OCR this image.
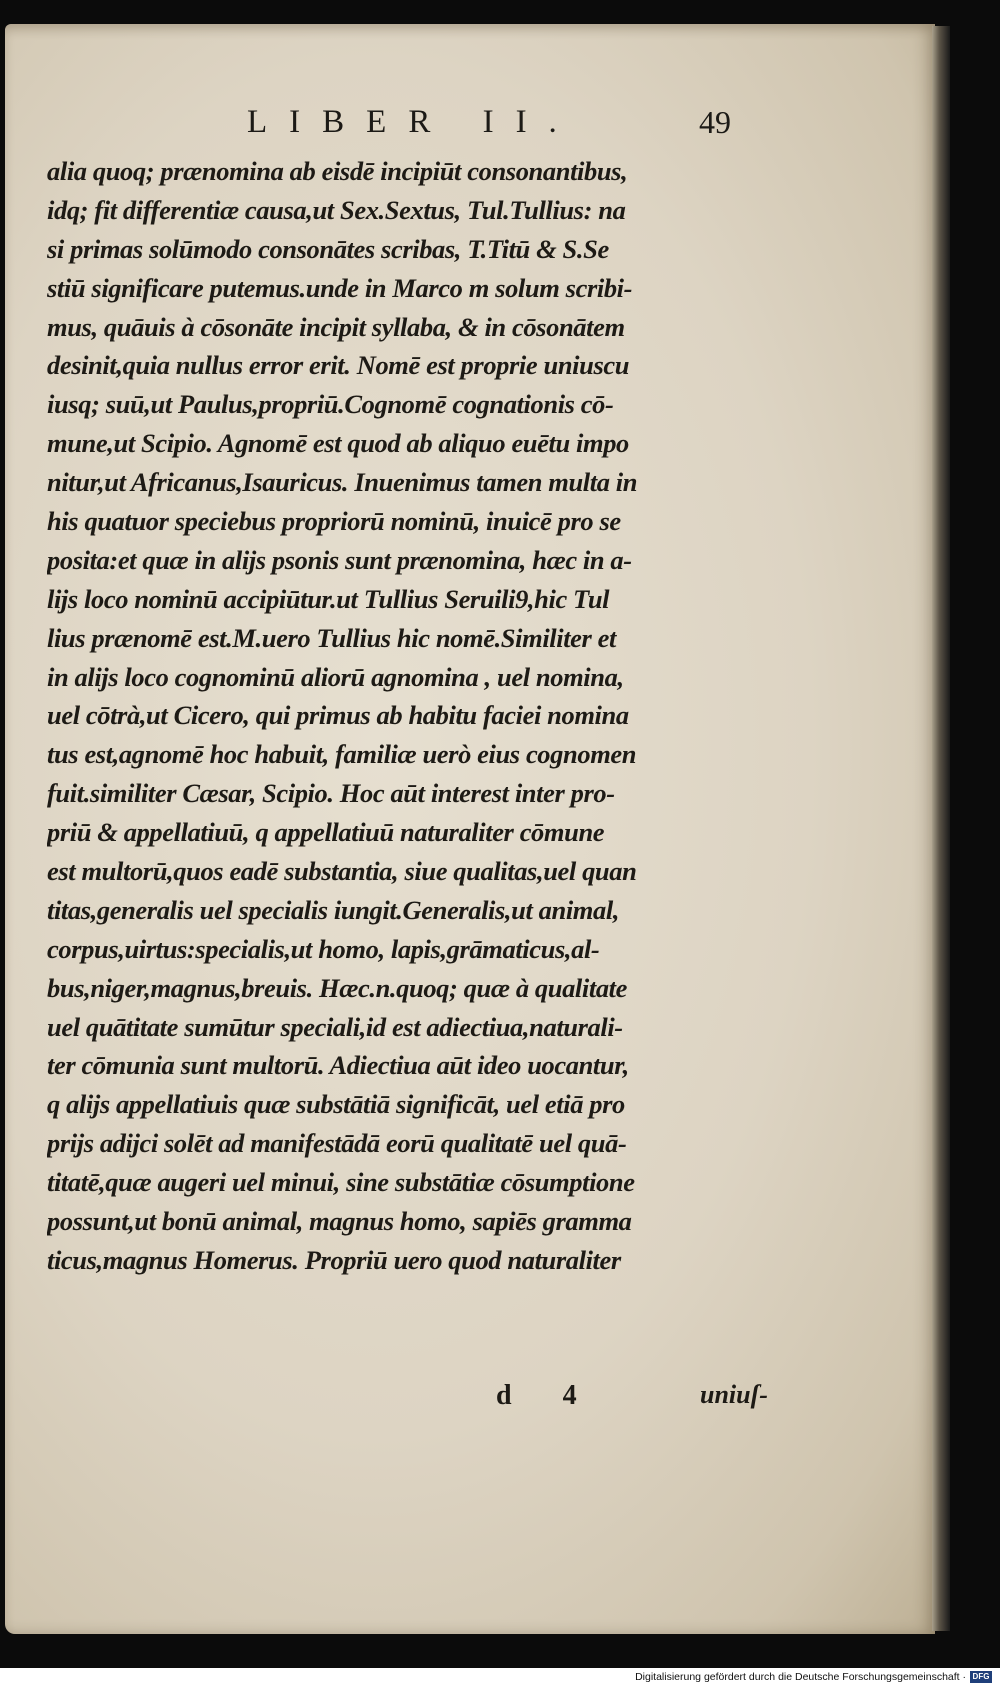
LIBER II.	49
alia quoq; prænomina ab eisdē incipiūt consonantibus,
idq; fit differentiæ causa,ut Sex.Sextus, Tul.Tullius: na
si primas solūmodo consonātes scribas, T.Titū & S.Se
stiū significare putemus.unde in Marco m solum scribi-
mus, quāuis à cōsonāte incipit syllaba, & in cōsonātem
desinit,quia nullus error erit. Nomē est proprie uniuscu
iusq; suū,ut Paulus,propriū.Cognomē cognationis cō-
mune,ut Scipio. Agnomē est quod ab aliquo euētu impo
nitur,ut Africanus,Isauricus. Inuenimus tamen multa in
his quatuor speciebus propriorū nominū, inuicē pro se
posita:et quæ in alijs psonis sunt prænomina, hæc in a-
lijs loco nominū accipiūtur.ut Tullius Seruili9,hic Tul
lius prænomē est.M.uero Tullius hic nomē.Similiter et
in alijs loco cognominū aliorū agnomina , uel nomina,
uel cōtrà,ut Cicero, qui primus ab habitu faciei nomina
tus est,agnomē hoc habuit, familiæ uerò eius cognomen
fuit.similiter Cæsar, Scipio. Hoc aūt interest inter pro-
priū & appellatiuū, q appellatiuū naturaliter cōmune
est multorū,quos eadē substantia, siue qualitas,uel quan
titas,generalis uel specialis iungit.Generalis,ut animal,
corpus,uirtus:specialis,ut homo, lapis,grāmaticus,al-
bus,niger,magnus,breuis. Hæc.n.quoq; quæ à qualitate
uel quātitate sumūtur speciali,id est adiectiua,naturali-
ter cōmunia sunt multorū. Adiectiua aūt ideo uocantur,
q alijs appellatiuis quæ substātiā significāt, uel etiā pro
prijs adijci solēt ad manifestādā eorū qualitatē uel quā-
titatē,quæ augeri uel minui, sine substātiæ cōsumptione
possunt,ut bonū animal, magnus homo, sapiēs gramma
ticus,magnus Homerus. Propriū uero quod naturaliter
d 4	uniuſ-
Digitalisierung gefördert durch die Deutsche Forschungsgemeinschaft · DFG
